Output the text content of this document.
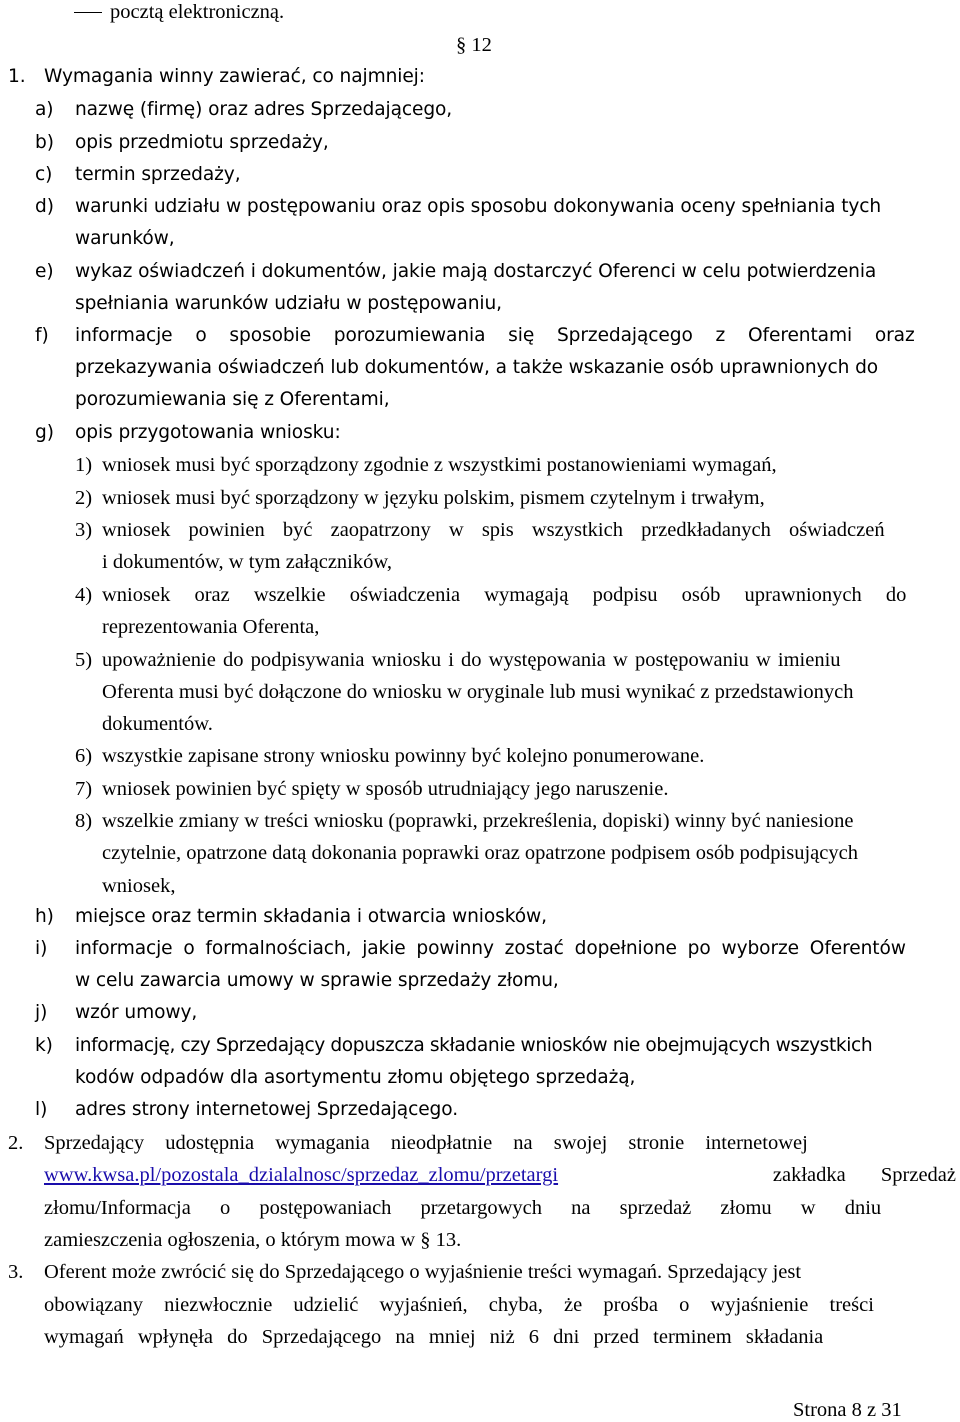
pocztą elektroniczną.
§ 12
1. Wymagania winny zawierać, co najmniej:
a) nazwę (firmę) oraz adres Sprzedającego,
b) opis przedmiotu sprzedaży,
c) termin sprzedaży,
d) warunki udziału w postępowaniu oraz opis sposobu dokonywania oceny spełniania tych
warunków,
e) wykaz oświadczeń i dokumentów, jakie mają dostarczyć Oferenci w celu potwierdzenia
spełniania warunków udziału w postępowaniu,
f) informacje o sposobie porozumiewania się Sprzedającego z Oferentami oraz
przekazywania oświadczeń lub dokumentów, a także wskazanie osób uprawnionych do
porozumiewania się z Oferentami,
g) opis przygotowania wniosku:
1) wniosek musi być sporządzony zgodnie z wszystkimi postanowieniami wymagań,
2) wniosek musi być sporządzony w języku polskim, pismem czytelnym i trwałym,
3) wniosek powinien być zaopatrzony w spis wszystkich przedkładanych oświadczeń
i dokumentów, w tym załączników,
4) wniosek oraz wszelkie oświadczenia wymagają podpisu osób uprawnionych do
reprezentowania Oferenta,
5) upoważnienie do podpisywania wniosku i do występowania w postępowaniu w imieniu
Oferenta musi być dołączone do wniosku w oryginale lub musi wynikać z przedstawionych
dokumentów.
6) wszystkie zapisane strony wniosku powinny być kolejno ponumerowane.
7) wniosek powinien być spięty w sposób utrudniający jego naruszenie.
8) wszelkie zmiany w treści wniosku (poprawki, przekreślenia, dopiski) winny być naniesione
czytelnie, opatrzone datą dokonania poprawki oraz opatrzone podpisem osób podpisujących
wniosek,
h) miejsce oraz termin składania i otwarcia wniosków,
i) informacje o formalnościach, jakie powinny zostać dopełnione po wyborze Oferentów
w celu zawarcia umowy w sprawie sprzedaży złomu,
j) wzór umowy,
k) informację, czy Sprzedający dopuszcza składanie wniosków nie obejmujących wszystkich
kodów odpadów dla asortymentu złomu objętego sprzedażą,
l) adres strony internetowej Sprzedającego.
2. Sprzedający udostępnia wymagania nieodpłatnie na swojej stronie internetowej
www.kwsa.pl/pozostala_dzialalnosc/sprzedaz_zlomu/przetargi	zakładka Sprzedaż
złomu/Informacja o postępowaniach przetargowych na sprzedaż złomu w dniu
zamieszczenia ogłoszenia, o którym mowa w § 13.
3. Oferent może zwrócić się do Sprzedającego o wyjaśnienie treści wymagań. Sprzedający jest
obowiązany niezwłocznie udzielić wyjaśnień, chyba, że prośba o wyjaśnienie treści
wymagań wpłynęła do Sprzedającego na mniej niż 6 dni przed terminem składania
Strona 8 z 31
